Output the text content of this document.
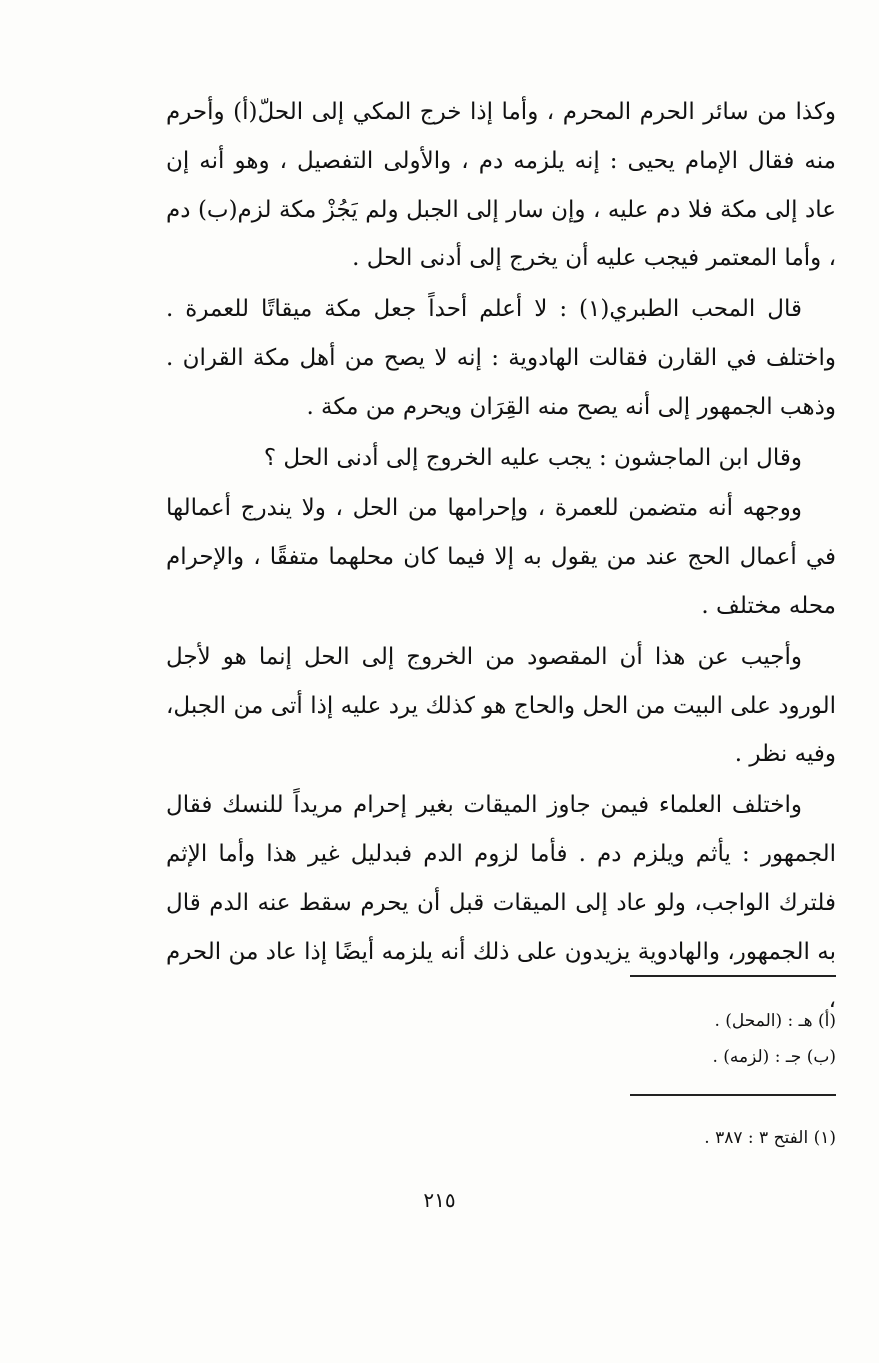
وكذا من سائر الحرم المحرم ، وأما إذا خرج المكي إلى الحلّ(أ) وأحرم منه فقال الإمام يحيى : إنه يلزمه دم ، والأولى التفصيل ، وهو أنه إن عاد إلى مكة فلا دم عليه ، وإن سار إلى الجبل ولم يَجُزْ مكة لزم(ب) دم ، وأما المعتمر فيجب عليه أن يخرج إلى أدنى الحل .

قال المحب الطبري(١) : لا أعلم أحداً جعل مكة ميقاتًا للعمرة . واختلف في القارن فقالت الهادوية : إنه لا يصح من أهل مكة القران . وذهب الجمهور إلى أنه يصح منه القِرَان ويحرم من مكة .

وقال ابن الماجشون : يجب عليه الخروج إلى أدنى الحل ؟

ووجهه أنه متضمن للعمرة ، وإحرامها من الحل ، ولا يندرج أعمالها في أعمال الحج عند من يقول به إلا فيما كان محلهما متفقًا ، والإحرام محله مختلف .

وأجيب عن هذا أن المقصود من الخروج إلى الحل إنما هو لأجل الورود على البيت من الحل والحاج هو كذلك يرد عليه إذا أتى من الجبل، وفيه نظر .

واختلف العلماء فيمن جاوز الميقات بغير إحرام مريداً للنسك فقال الجمهور : يأثم ويلزم دم . فأما لزوم الدم فبدليل غير هذا وأما الإثم فلترك الواجب، ولو عاد إلى الميقات قبل أن يحرم سقط عنه الدم قال به الجمهور، والهادوية يزيدون على ذلك أنه يلزمه أيضًا إذا عاد من الحرم ،

(أ) هـ : (المحل) .
(ب) جـ : (لزمه) .
(١) الفتح ٣ : ٣٨٧ .
٢١٥
